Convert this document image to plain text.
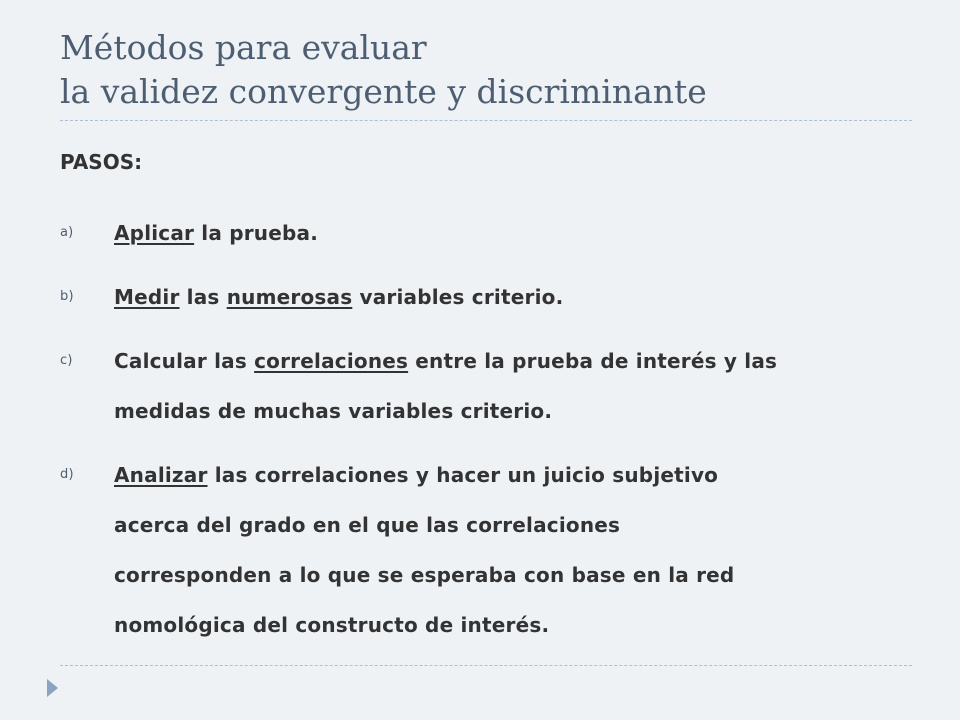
Métodos para evaluar
la validez convergente y discriminante

PASOS:

a) Aplicar la prueba.
b) Medir las numerosas variables criterio.
c) Calcular las correlaciones entre la prueba de interés y las
medidas de muchas variables criterio.
d) Analizar las correlaciones y hacer un juicio subjetivo
acerca del grado en el que las correlaciones
corresponden a lo que se esperaba con base en la red
nomológica del constructo de interés.
